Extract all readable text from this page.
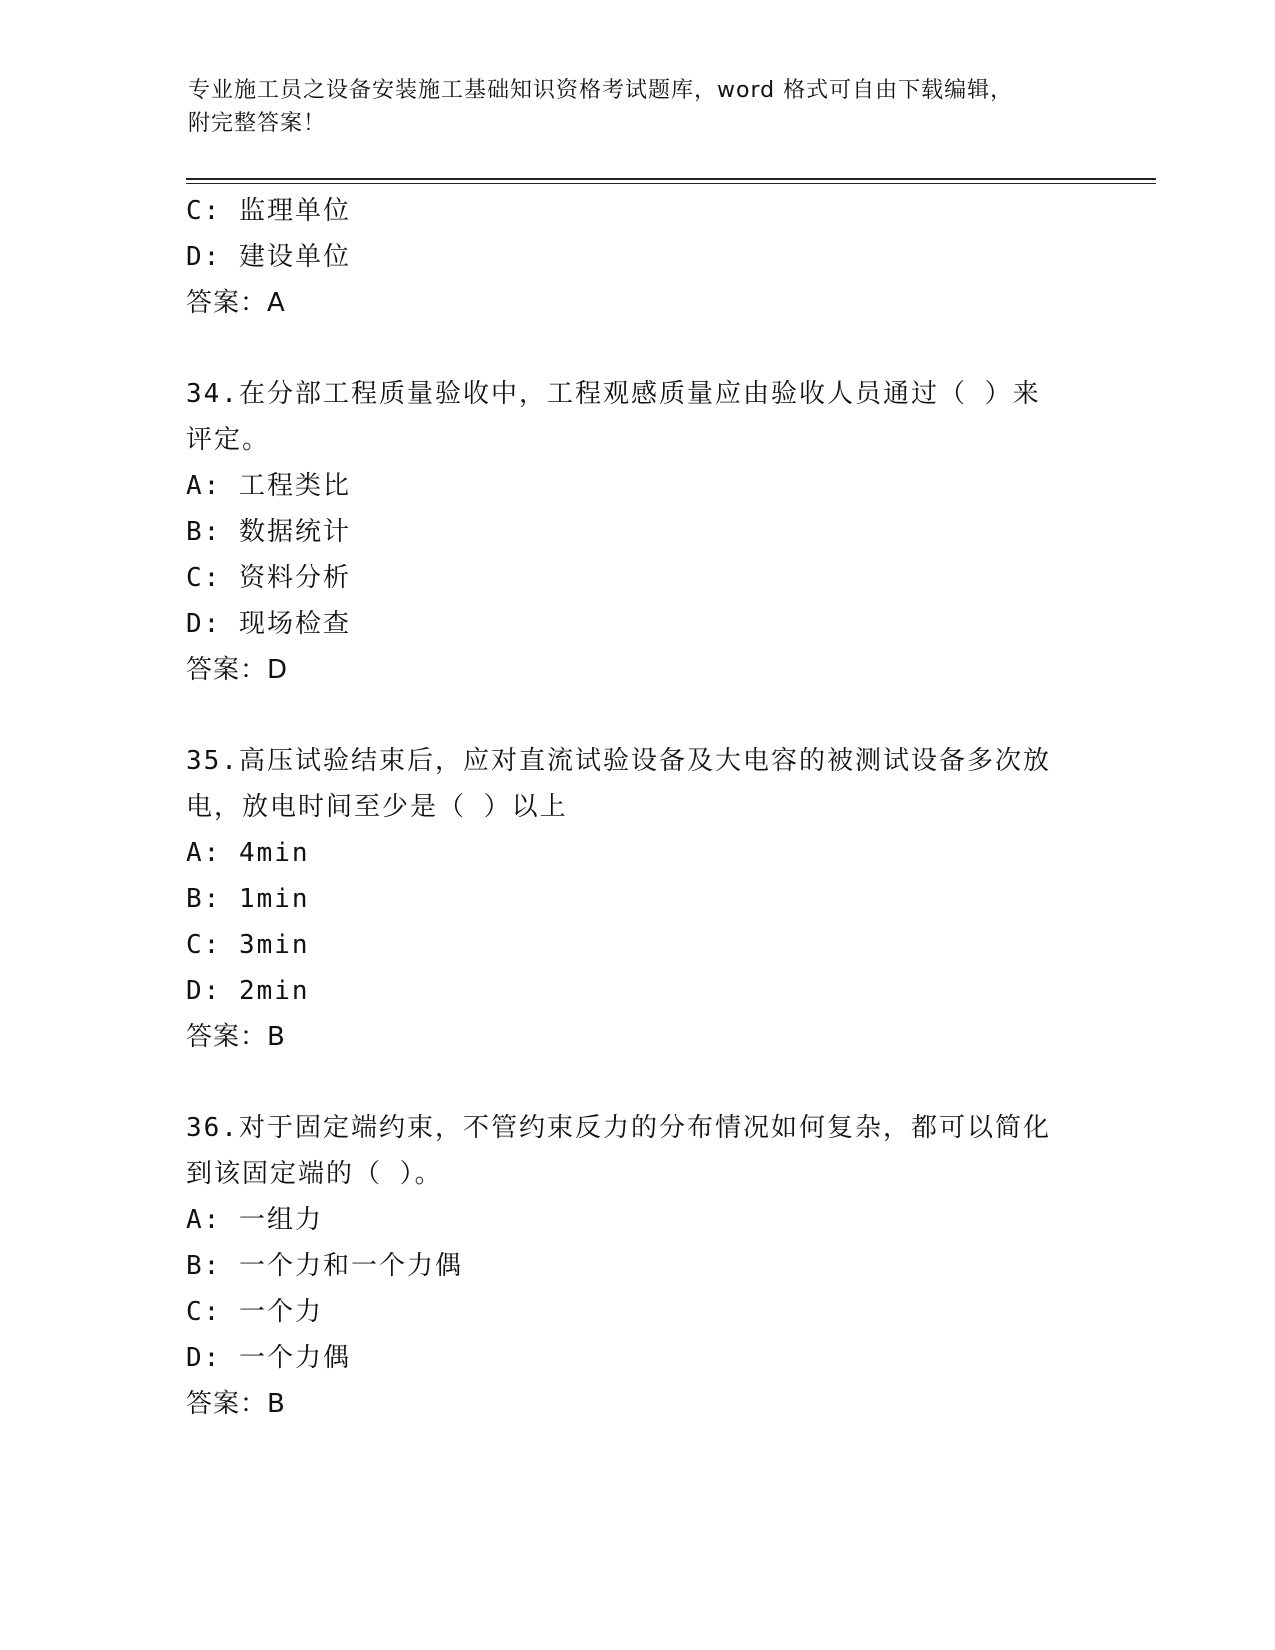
专业施工员之设备安装施工基础知识资格考试题库，word 格式可自由下载编辑，
附完整答案！
C: 监理单位
D: 建设单位
答案：A
34.在分部工程质量验收中，工程观感质量应由验收人员通过（ ）来
评定。
A: 工程类比
B: 数据统计
C: 资料分析
D: 现场检查
答案：D
35.高压试验结束后，应对直流试验设备及大电容的被测试设备多次放
电，放电时间至少是（ ）以上
A: 4min
B: 1min
C: 3min
D: 2min
答案：B
36.对于固定端约束，不管约束反力的分布情况如何复杂，都可以简化
到该固定端的（ ）。
A: 一组力
B: 一个力和一个力偶
C: 一个力
D: 一个力偶
答案：B
